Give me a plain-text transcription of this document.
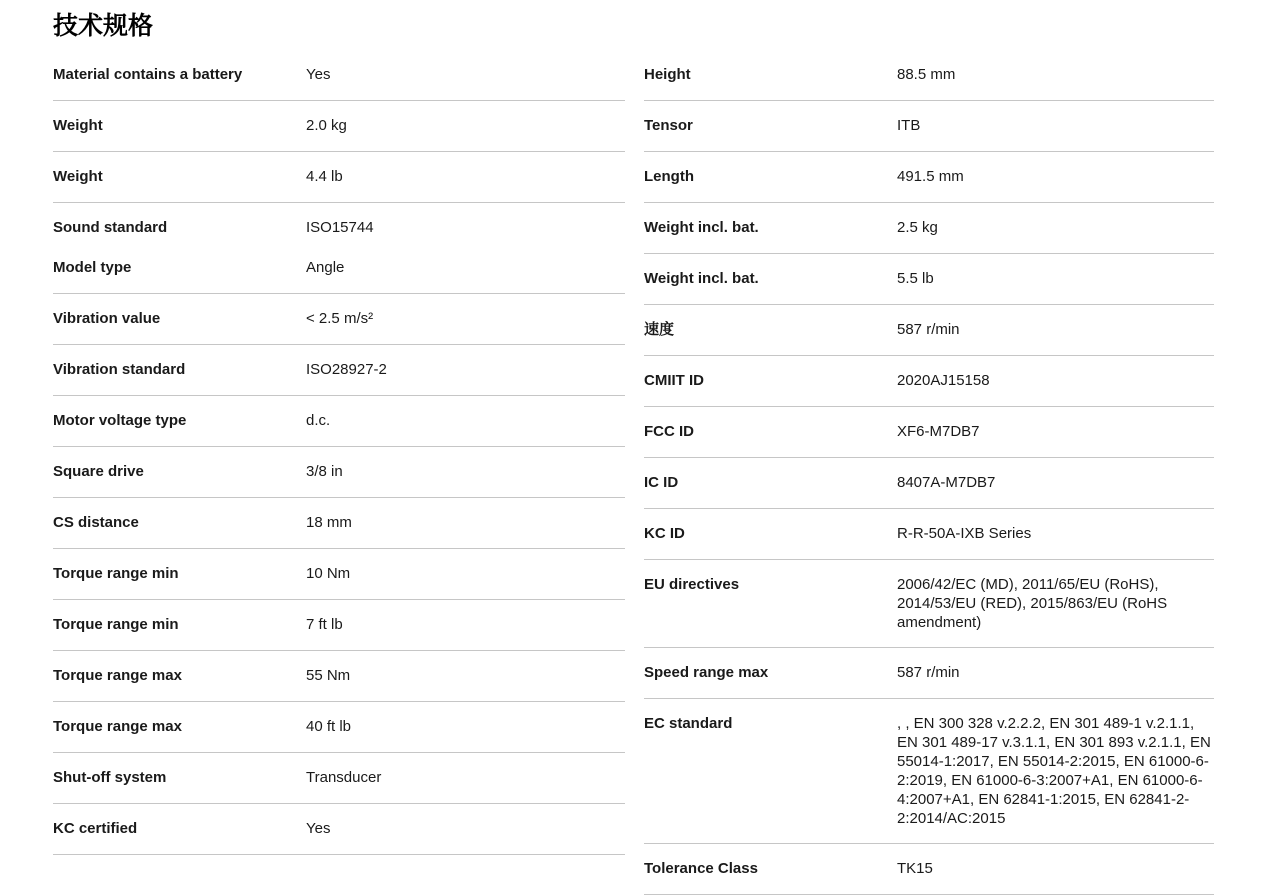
技术规格
Material contains a battery	Yes
Weight	2.0 kg
Weight	4.4 lb
Sound standard	ISO15744
Model type	Angle
Vibration value	< 2.5 m/s²
Vibration standard	ISO28927-2
Motor voltage type	d.c.
Square drive	3/8 in
CS distance	18 mm
Torque range min	10 Nm
Torque range min	7 ft lb
Torque range max	55 Nm
Torque range max	40 ft lb
Shut-off system	Transducer
KC certified	Yes
Height	88.5 mm
Tensor	ITB
Length	491.5 mm
Weight incl. bat.	2.5 kg
Weight incl. bat.	5.5 lb
速度	587 r/min
CMIIT ID	2020AJ15158
FCC ID	XF6-M7DB7
IC ID	8407A-M7DB7
KC ID	R-R-50A-IXB Series
EU directives	2006/42/EC (MD), 2011/65/EU (RoHS), 2014/53/EU (RED), 2015/863/EU (RoHS amendment)
Speed range max	587 r/min
EC standard	, , EN 300 328 v.2.2.2, EN 301 489-1 v.2.1.1, EN 301 489-17 v.3.1.1, EN 301 893 v.2.1.1, EN 55014-1:2017, EN 55014-2:2015, EN 61000-6-2:2019, EN 61000-6-3:2007+A1, EN 61000-6-4:2007+A1, EN 62841-1:2015, EN 62841-2-2:2014/AC:2015
Tolerance Class	TK15
